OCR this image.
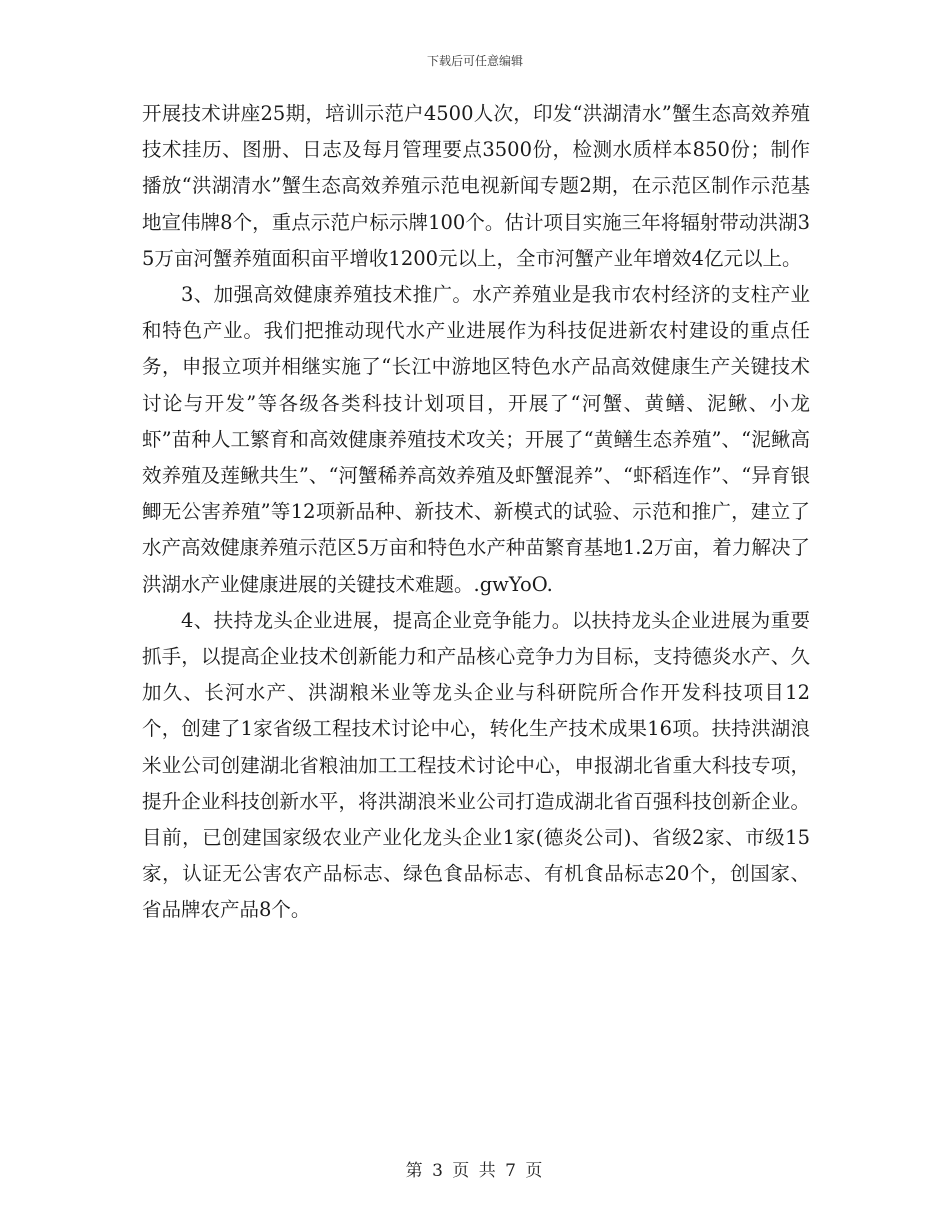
下载后可任意编辑

开展技术讲座25期，培训示范户4500人次，印发“洪湖清水”蟹生态高效养殖技术挂历、图册、日志及每月管理要点3500份，检测水质样本850份；制作播放“洪湖清水”蟹生态高效养殖示范电视新闻专题2期，在示范区制作示范基地宣伟牌8个，重点示范户标示牌100个。估计项目实施三年将辐射带动洪湖35万亩河蟹养殖面积亩平增收1200元以上，全市河蟹产业年增效4亿元以上。

3、加强高效健康养殖技术推广。水产养殖业是我市农村经济的支柱产业和特色产业。我们把推动现代水产业进展作为科技促进新农村建设的重点任务，申报立项并相继实施了“长江中游地区特色水产品高效健康生产关键技术讨论与开发”等各级各类科技计划项目，开展了“河蟹、黄鳝、泥鳅、小龙虾”苗种人工繁育和高效健康养殖技术攻关；开展了“黄鳝生态养殖”、“泥鳅高效养殖及莲鳅共生”、“河蟹稀养高效养殖及虾蟹混养”、“虾稻连作”、“异育银鲫无公害养殖”等12项新品种、新技术、新模式的试验、示范和推广，建立了水产高效健康养殖示范区5万亩和特色水产种苗繁育基地1.2万亩，着力解决了洪湖水产业健康进展的关键技术难题。.gwYoO.

4、扶持龙头企业进展，提高企业竞争能力。以扶持龙头企业进展为重要抓手，以提高企业技术创新能力和产品核心竞争力为目标，支持德炎水产、久加久、长河水产、洪湖粮米业等龙头企业与科研院所合作开发科技项目12个，创建了1家省级工程技术讨论中心，转化生产技术成果16项。扶持洪湖浪米业公司创建湖北省粮油加工工程技术讨论中心，申报湖北省重大科技专项，提升企业科技创新水平，将洪湖浪米业公司打造成湖北省百强科技创新企业。目前，已创建国家级农业产业化龙头企业1家(德炎公司)、省级2家、市级15家，认证无公害农产品标志、绿色食品标志、有机食品标志20个，创国家、省品牌农产品8个。

第 3 页 共 7 页
